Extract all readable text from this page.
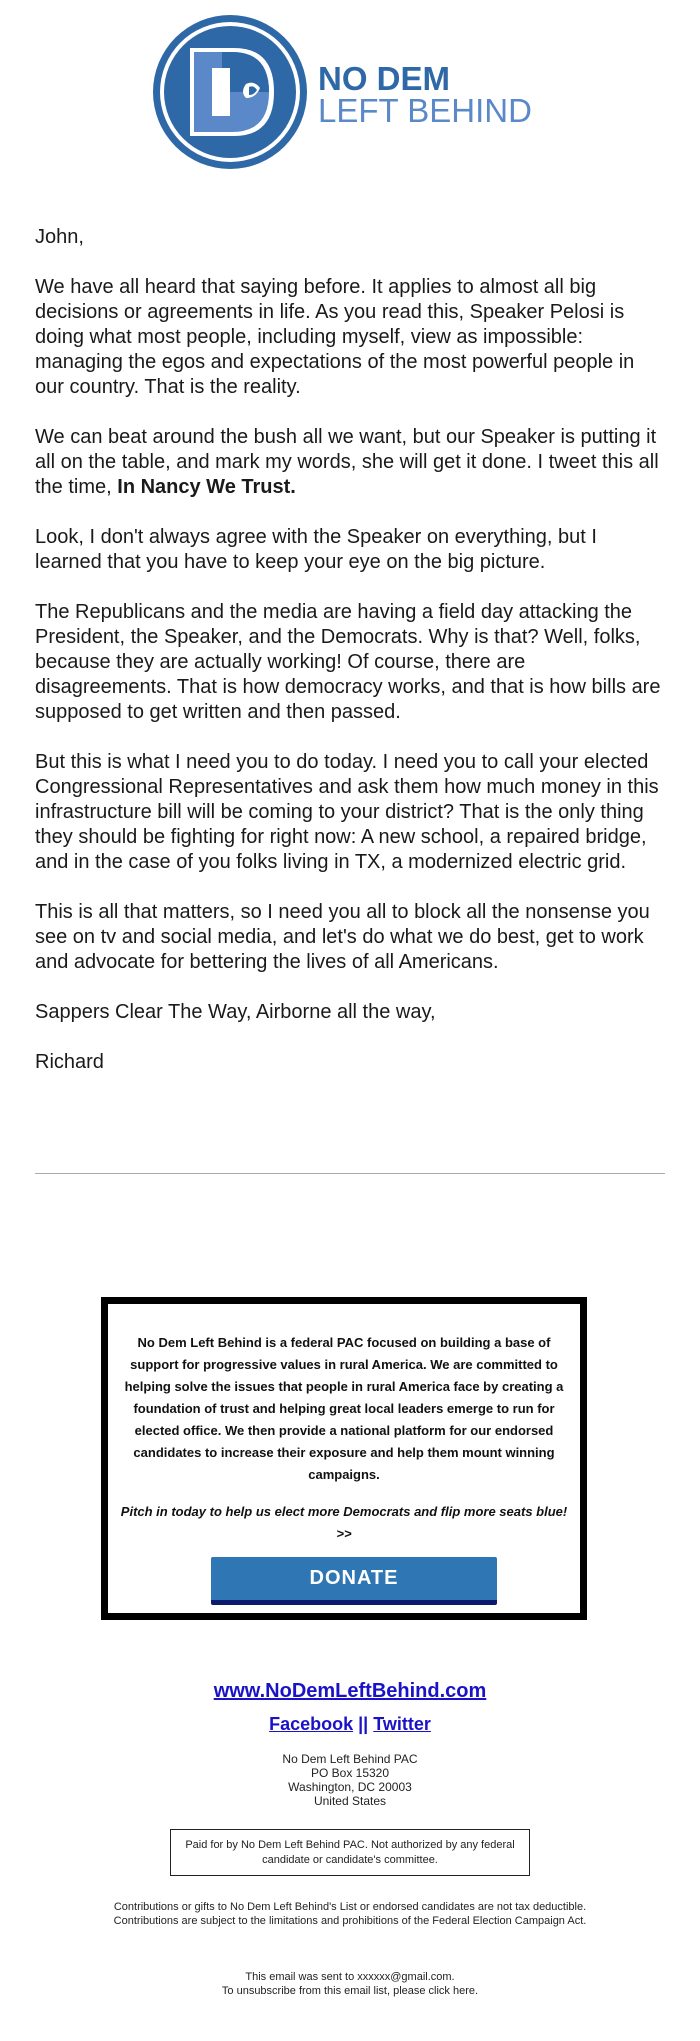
NO DEM
LEFT BEHIND

John,

We have all heard that saying before. It applies to almost all big decisions or agreements in life. As you read this, Speaker Pelosi is doing what most people, including myself, view as impossible: managing the egos and expectations of the most powerful people in our country. That is the reality.

We can beat around the bush all we want, but our Speaker is putting it all on the table, and mark my words, she will get it done. I tweet this all the time, In Nancy We Trust.

Look, I don't always agree with the Speaker on everything, but I learned that you have to keep your eye on the big picture.

The Republicans and the media are having a field day attacking the President, the Speaker, and the Democrats. Why is that? Well, folks, because they are actually working! Of course, there are disagreements. That is how democracy works, and that is how bills are supposed to get written and then passed.

But this is what I need you to do today. I need you to call your elected Congressional Representatives and ask them how much money in this infrastructure bill will be coming to your district? That is the only thing they should be fighting for right now: A new school, a repaired bridge, and in the case of you folks living in TX, a modernized electric grid.

This is all that matters, so I need you all to block all the nonsense you see on tv and social media, and let's do what we do best, get to work and advocate for bettering the lives of all Americans.

Sappers Clear The Way, Airborne all the way,

Richard

No Dem Left Behind is a federal PAC focused on building a base of support for progressive values in rural America. We are committed to helping solve the issues that people in rural America face by creating a foundation of trust and helping great local leaders emerge to run for elected office. We then provide a national platform for our endorsed candidates to increase their exposure and help them mount winning campaigns.
Pitch in today to help us elect more Democrats and flip more seats blue! >>
DONATE
www.NoDemLeftBehind.com
Facebook || Twitter
No Dem Left Behind PAC
PO Box 15320
Washington, DC 20003
United States
Paid for by No Dem Left Behind PAC. Not authorized by any federal candidate or candidate's committee.
Contributions or gifts to No Dem Left Behind's List or endorsed candidates are not tax deductible.
Contributions are subject to the limitations and prohibitions of the Federal Election Campaign Act.
This email was sent to xxxxxx@gmail.com.
To unsubscribe from this email list, please click here.
